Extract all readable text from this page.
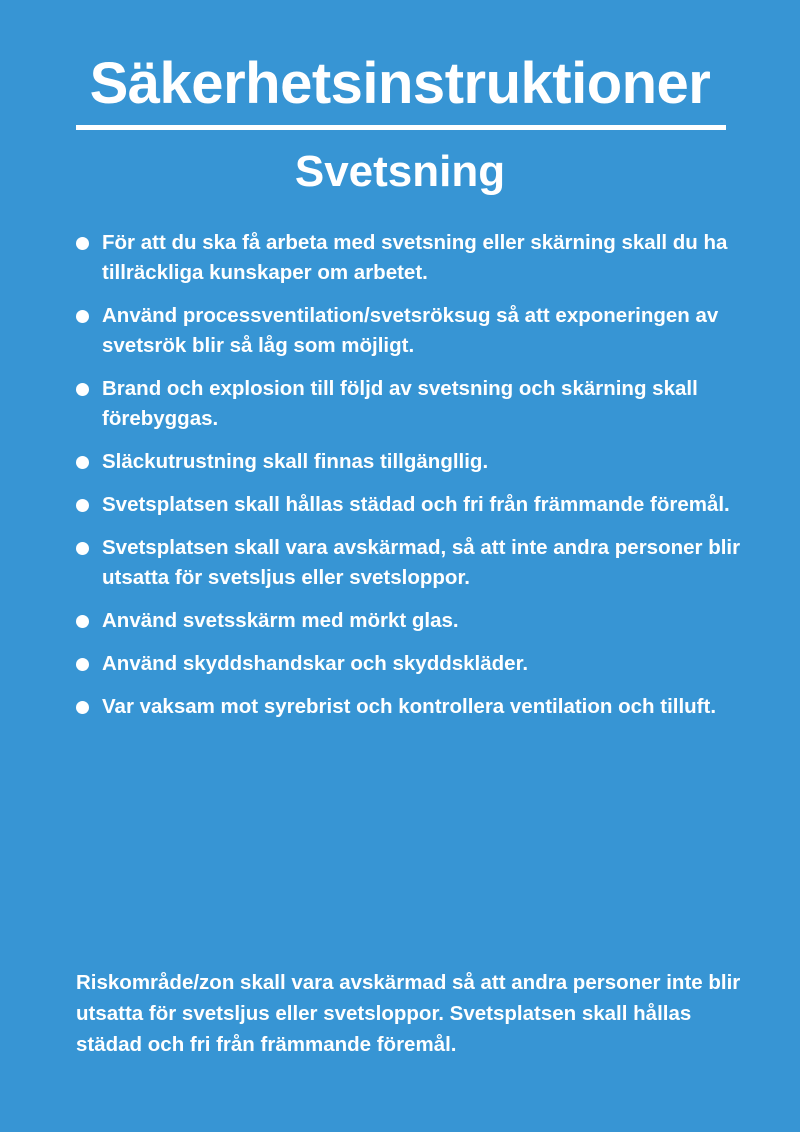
Säkerhetsinstruktioner
Svetsning
För att du ska få arbeta med svetsning eller skärning skall du ha tillräckliga kunskaper om arbetet.
Använd processventilation/svetsröksug så att exponeringen av svetsrök blir så låg som möjligt.
Brand och explosion till följd av svetsning och skärning skall förebyggas.
Släckutrustning skall finnas tillgängllig.
Svetsplatsen skall hållas städad och fri från främmande föremål.
Svetsplatsen skall vara avskärmad, så att inte andra personer blir utsatta för svetsljus eller svetsloppor.
Använd svetsskärm med mörkt glas.
Använd skyddshandskar och skyddskläder.
Var vaksam mot syrebrist och kontrollera ventilation och tilluft.

Riskområde/zon skall vara avskärmad så att andra personer inte blir utsatta för svetsljus eller svetsloppor. Svetsplatsen skall hållas städad och fri från främmande föremål.
